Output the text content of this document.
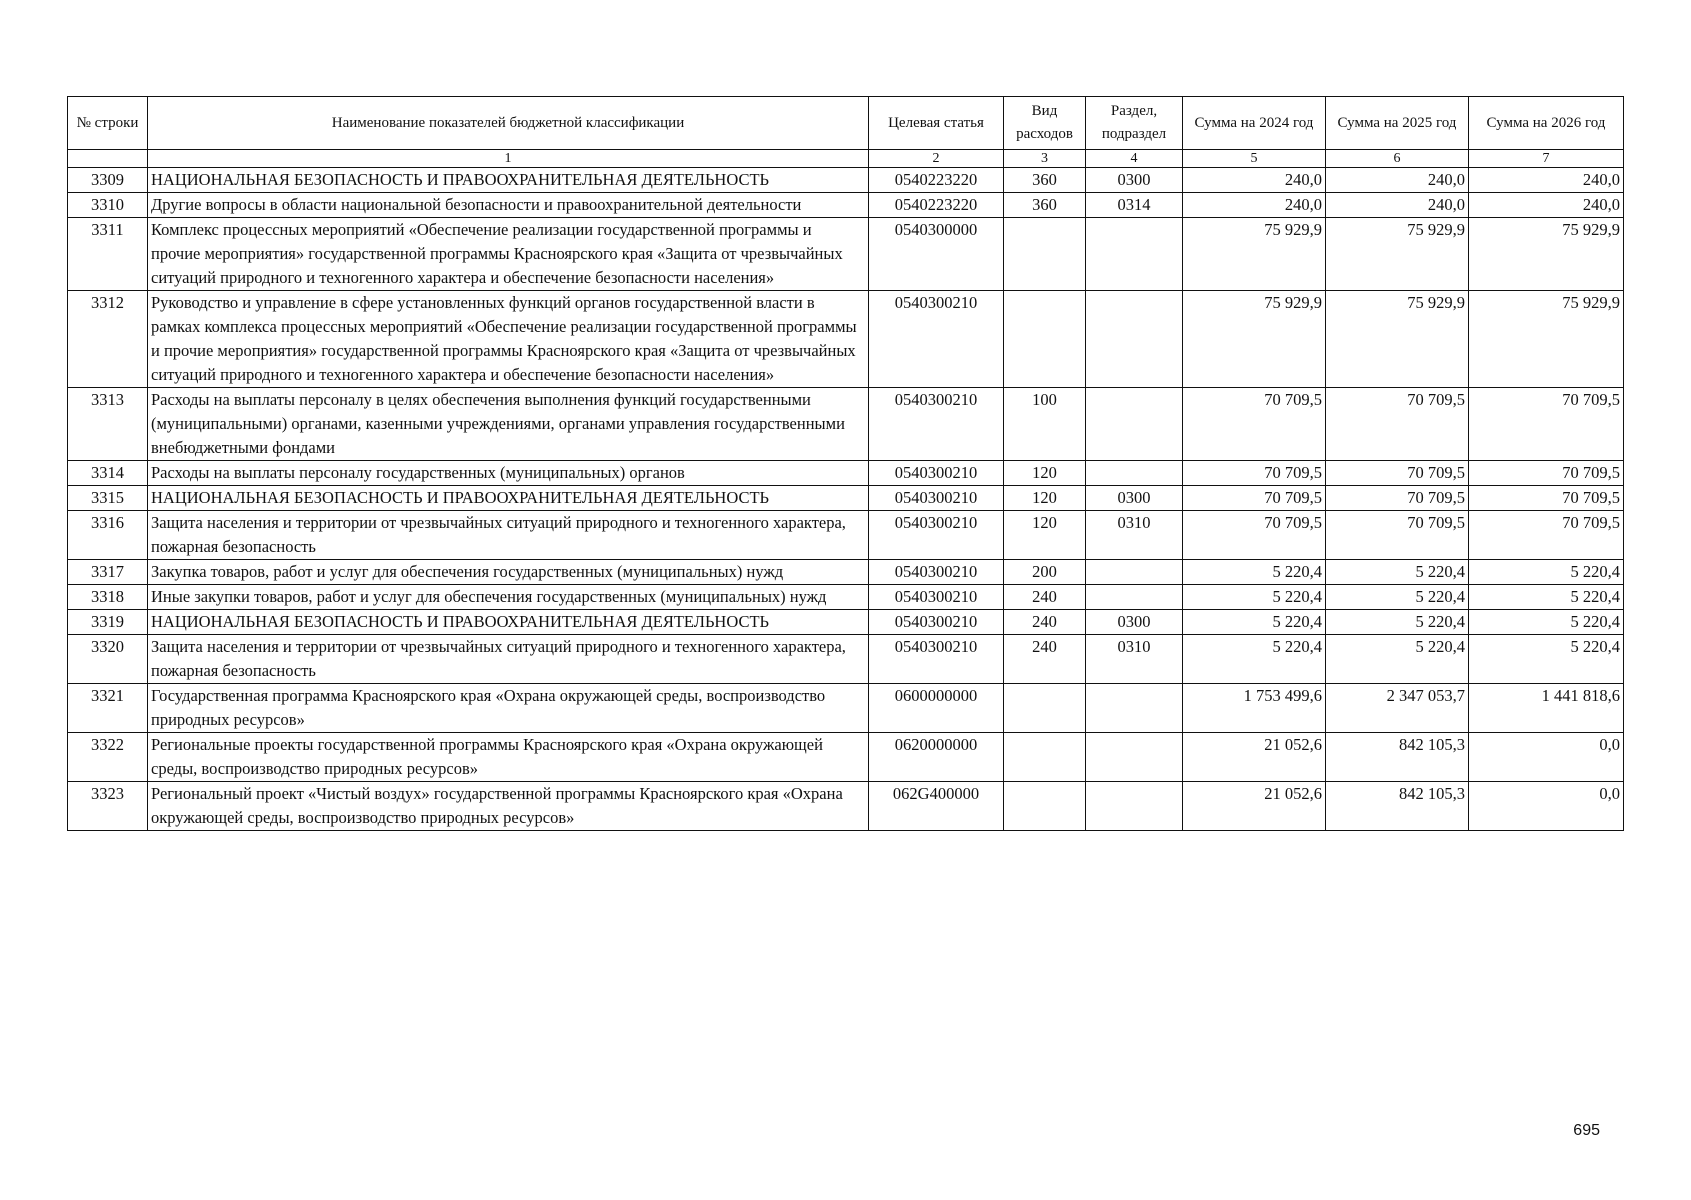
№ строки	Наименование показателей бюджетной классификации	Целевая статья	Вид расходов	Раздел, подраздел	Сумма на 2024 год	Сумма на 2025 год	Сумма на 2026 год
	1	2	3	4	5	6	7
3309	НАЦИОНАЛЬНАЯ БЕЗОПАСНОСТЬ И ПРАВООХРАНИТЕЛЬНАЯ ДЕЯТЕЛЬНОСТЬ	0540223220	360	0300	240,0	240,0	240,0
3310	Другие вопросы в области национальной безопасности и правоохранительной деятельности	0540223220	360	0314	240,0	240,0	240,0
3311	Комплекс процессных мероприятий «Обеспечение реализации государственной программы и прочие мероприятия» государственной программы Красноярского края «Защита от чрезвычайных ситуаций природного и техногенного характера и обеспечение безопасности населения»	0540300000			75 929,9	75 929,9	75 929,9
3312	Руководство и управление в сфере установленных функций органов государственной власти в рамках комплекса процессных мероприятий «Обеспечение реализации государственной программы и прочие мероприятия» государственной программы Красноярского края «Защита от чрезвычайных ситуаций природного и техногенного характера и обеспечение безопасности населения»	0540300210			75 929,9	75 929,9	75 929,9
3313	Расходы на выплаты персоналу в целях обеспечения выполнения функций государственными (муниципальными) органами, казенными учреждениями, органами управления государственными внебюджетными фондами	0540300210	100		70 709,5	70 709,5	70 709,5
3314	Расходы на выплаты персоналу государственных (муниципальных) органов	0540300210	120		70 709,5	70 709,5	70 709,5
3315	НАЦИОНАЛЬНАЯ БЕЗОПАСНОСТЬ И ПРАВООХРАНИТЕЛЬНАЯ ДЕЯТЕЛЬНОСТЬ	0540300210	120	0300	70 709,5	70 709,5	70 709,5
3316	Защита населения и территории от чрезвычайных ситуаций природного и техногенного характера, пожарная безопасность	0540300210	120	0310	70 709,5	70 709,5	70 709,5
3317	Закупка товаров, работ и услуг для обеспечения государственных (муниципальных) нужд	0540300210	200		5 220,4	5 220,4	5 220,4
3318	Иные закупки товаров, работ и услуг для обеспечения государственных (муниципальных) нужд	0540300210	240		5 220,4	5 220,4	5 220,4
3319	НАЦИОНАЛЬНАЯ БЕЗОПАСНОСТЬ И ПРАВООХРАНИТЕЛЬНАЯ ДЕЯТЕЛЬНОСТЬ	0540300210	240	0300	5 220,4	5 220,4	5 220,4
3320	Защита населения и территории от чрезвычайных ситуаций природного и техногенного характера, пожарная безопасность	0540300210	240	0310	5 220,4	5 220,4	5 220,4
3321	Государственная программа Красноярского края «Охрана окружающей среды, воспроизводство природных ресурсов»	0600000000			1 753 499,6	2 347 053,7	1 441 818,6
3322	Региональные проекты государственной программы Красноярского края «Охрана окружающей среды, воспроизводство природных ресурсов»	0620000000			21 052,6	842 105,3	0,0
3323	Региональный проект «Чистый воздух» государственной программы Красноярского края «Охрана окружающей среды, воспроизводство природных ресурсов»	062G400000			21 052,6	842 105,3	0,0
695
